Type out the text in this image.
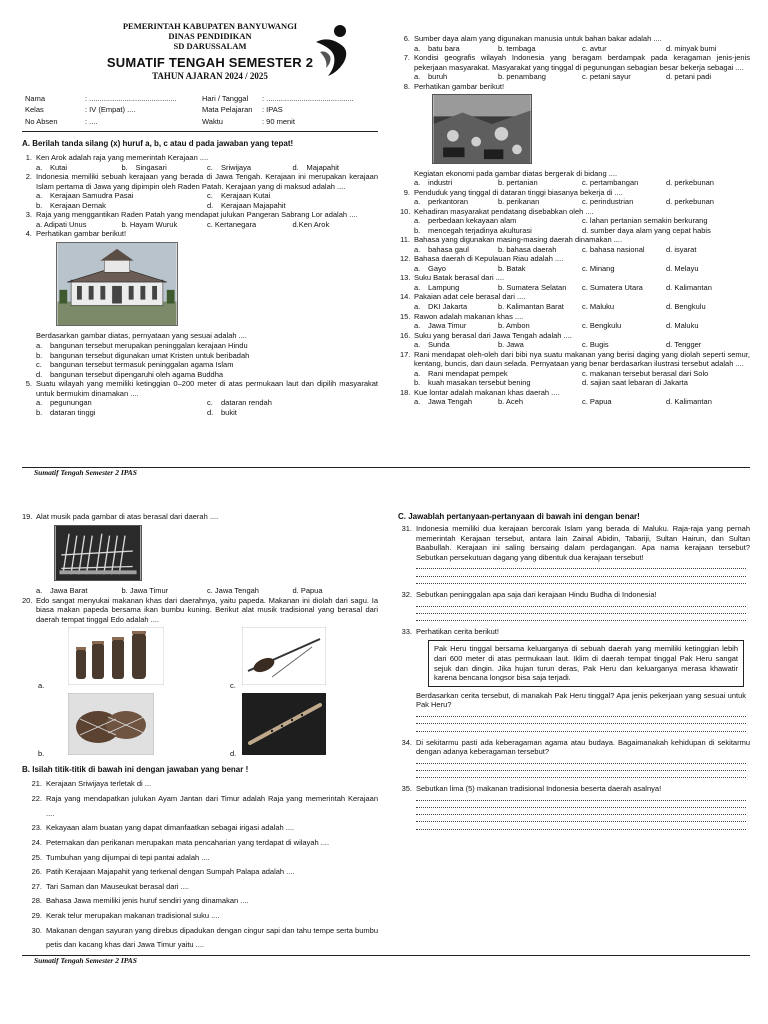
PEMERINTAH KABUPATEN BANYUWANGI
DINAS PENDIDIKAN
SD DARUSSALAM
SUMATIF TENGAH SEMESTER 2
TAHUN AJARAN 2024 / 2025
Nama	: ..........................................
Kelas	: IV (Empat) ....
No Absen	: ....
Hari / Tanggal	: ..........................................
Mata Pelajaran	: IPAS
Waktu	: 90 menit
A. Berilah tanda silang (x) huruf a, b, c atau d pada jawaban yang tepat!
1. Ken Arok adalah raja yang memerintah Kerajaan ....
a.	Kutai	b.	Singasari	c.	Sriwijaya	d.	Majapahit
2. Indonesia memiliki sebuah kerajaan yang berada di Jawa Tengah. Kerajaan ini merupakan kerajaan Islam pertama di Jawa yang dipimpin oleh Raden Patah. Kerajaan yang di maksud adalah ....
a.	Kerajaan Samudra Pasai	c.	Kerajaan Kutai
b.	Kerajaan Demak	d.	Kerajaan Majapahit
3. Raja yang menggantikan Raden Patah yang mendapat julukan Pangeran Sabrang Lor adalah ....
a. Adipati Unus	b. Hayam Wuruk	c. Kertanegara	d.Ken Arok
4. Perhatikan gambar berikut!
Berdasarkan gambar diatas, pernyataan yang sesuai adalah ....
a.	bangunan tersebut merupakan peninggalan kerajaan Hindu
b.	bangunan tersebut digunakan umat Kristen untuk beribadah
c.	bangunan tersebut termasuk peninggalan agama Islam
d.	bangunan tersebut dipengaruhi oleh agama Buddha
5. Suatu wilayah yang memiliki ketinggian 0–200 meter di atas permukaan laut dan dipilih masyarakat untuk bermukim dinamakan ....
a.	pegunungan	c.	dataran rendah
b.	dataran tinggi	d.	bukit
6. Sumber daya alam yang digunakan manusia untuk bahan bakar adalah ....
a.	batu bara	b. tembaga	c. avtur	d. minyak bumi
7. Kondisi geografis wilayah Indonesia yang beragam berdampak pada keragaman jenis-jenis pekerjaan masyarakat. Masyarakat yang tinggal di pegunungan sebagian besar bekerja sebagai ....
a.	buruh	b. penambang	c. petani sayur	d. petani padi
8. Perhatikan gambar berikut!
Kegiatan ekonomi pada gambar diatas bergerak di bidang ....
a.	industri	b. pertanian	c. pertambangan	d. perkebunan
9. Penduduk yang tinggal di dataran tinggi biasanya bekerja di ....
a.	perkantoran	b. perikanan	c. perindustrian	d. perkebunan
10. Kehadiran masyarakat pendatang disebabkan oleh ....
a.	perbedaan kekayaan alam	c. lahan pertanian semakin berkurang
b.	mencegah terjadinya akulturasi	d. sumber daya alam yang cepat habis
11. Bahasa yang digunakan masing-masing daerah dinamakan ....
a.	bahasa gaul	b. bahasa daerah	c. bahasa nasional	d. isyarat
12. Bahasa daerah di Kepulauan Riau adalah ....
a.	Gayo	b. Batak	c. Minang	d. Melayu
13. Suku Batak berasal dari ....
a.	Lampung	b. Sumatera Selatan	c. Sumatera Utara	d. Kalimantan
14. Pakaian adat cele berasal dari ....
a.	DKI Jakarta	b. Kalimantan Barat	c. Maluku	d. Bengkulu
15. Rawon adalah makanan khas ....
a.	Jawa Timur	b. Ambon	c. Bengkulu	d. Maluku
16. Suku yang berasal dari Jawa Tengah adalah ....
a.	Sunda	b. Jawa	c. Bugis	d. Tengger
17. Rani mendapat oleh-oleh dari bibi nya suatu makanan yang berisi daging yang diolah seperti semur, kentang, buncis, dan daun selada. Pernyataan yang benar berdasarkan ilustrasi tersebut adalah ....
a.	Rani mendapat pempek	c. makanan tersebut berasal dari Solo
b.	kuah masakan tersebut bening	d. sajian saat lebaran di Jakarta
18. Kue lontar adalah makanan khas daerah ....
a.	Jawa Tengah	b. Aceh	c. Papua	d. Kalimantan
Sumatif Tengah Semester 2 IPAS
19. Alat musik pada gambar di atas berasal dari daerah ....
a.	Jawa Barat	b. Jawa Timur	c. Jawa Tengah	d. Papua
20. Edo sangat menyukai makanan khas dari daerahnya, yaitu papeda. Makanan ini diolah dari sagu. Ia biasa makan papeda bersama ikan bumbu kuning. Berikut alat musik tradisional yang berasal dari daerah tempat tinggal Edo adalah ....
a.	c.
b.	d.
B. Isilah titik-titik di bawah ini dengan jawaban yang benar !
21. Kerajaan Sriwijaya terletak di ...
22. Raja yang mendapatkan julukan Ayam Jantan dari Timur adalah Raja yang memerintah Kerajaan ....
23. Kekayaan alam buatan yang dapat dimanfaatkan sebagai irigasi adalah ....
24. Peternakan dan perikanan merupakan mata pencaharian yang terdapat di wilayah ....
25. Tumbuhan yang dijumpai di tepi pantai adalah ....
26. Patih Kerajaan Majapahit yang terkenal dengan Sumpah Palapa adalah ....
27. Tari Saman dan Mauseukat berasal dari ....
28. Bahasa Jawa memiliki jenis huruf sendiri yang dinamakan ....
29. Kerak telur merupakan makanan tradisional suku ....
30. Makanan dengan sayuran yang direbus dipadukan dengan cingur sapi dan tahu tempe serta bumbu petis dan kacang khas dari Jawa Timur yaitu ....
C. Jawablah pertanyaan-pertanyaan di bawah ini dengan benar!
31. Indonesia memiliki dua kerajaan bercorak Islam yang berada di Maluku. Raja-raja yang pernah memerintah Kerajaan tersebut, antara lain Zainal Abidin, Tabariji, Sultan Hairun, dan Sultan Baabullah. Kerajaan ini saling bersaing dalam perdagangan. Apa nama kerajaan tersebut? Sebutkan persekutuan dagang yang dibentuk dua kerajaan tersebut!
32. Sebutkan peninggalan apa saja dari kerajaan Hindu Budha di Indonesia!
33. Perhatikan cerita berikut!
Pak Heru tinggal bersama keluarganya di sebuah daerah yang memiliki ketinggian lebih dari 600 meter di atas permukaan laut. Iklim di daerah tempat tinggal Pak Heru sangat sejuk dan dingin. Jika hujan turun deras, Pak Heru dan keluarganya merasa khawatir karena bencana longsor bisa saja terjadi.
Berdasarkan cerita tersebut, di manakah Pak Heru tinggal? Apa jenis pekerjaan yang sesuai untuk Pak Heru?
34. Di sekitarmu pasti ada keberagaman agama atau budaya. Bagaimanakah kehidupan di sekitarmu dengan adanya keberagaman tersebut?
35. Sebutkan lima (5) makanan tradisional Indonesia beserta daerah asalnya!
Sumatif Tengah Semester 2 IPAS
